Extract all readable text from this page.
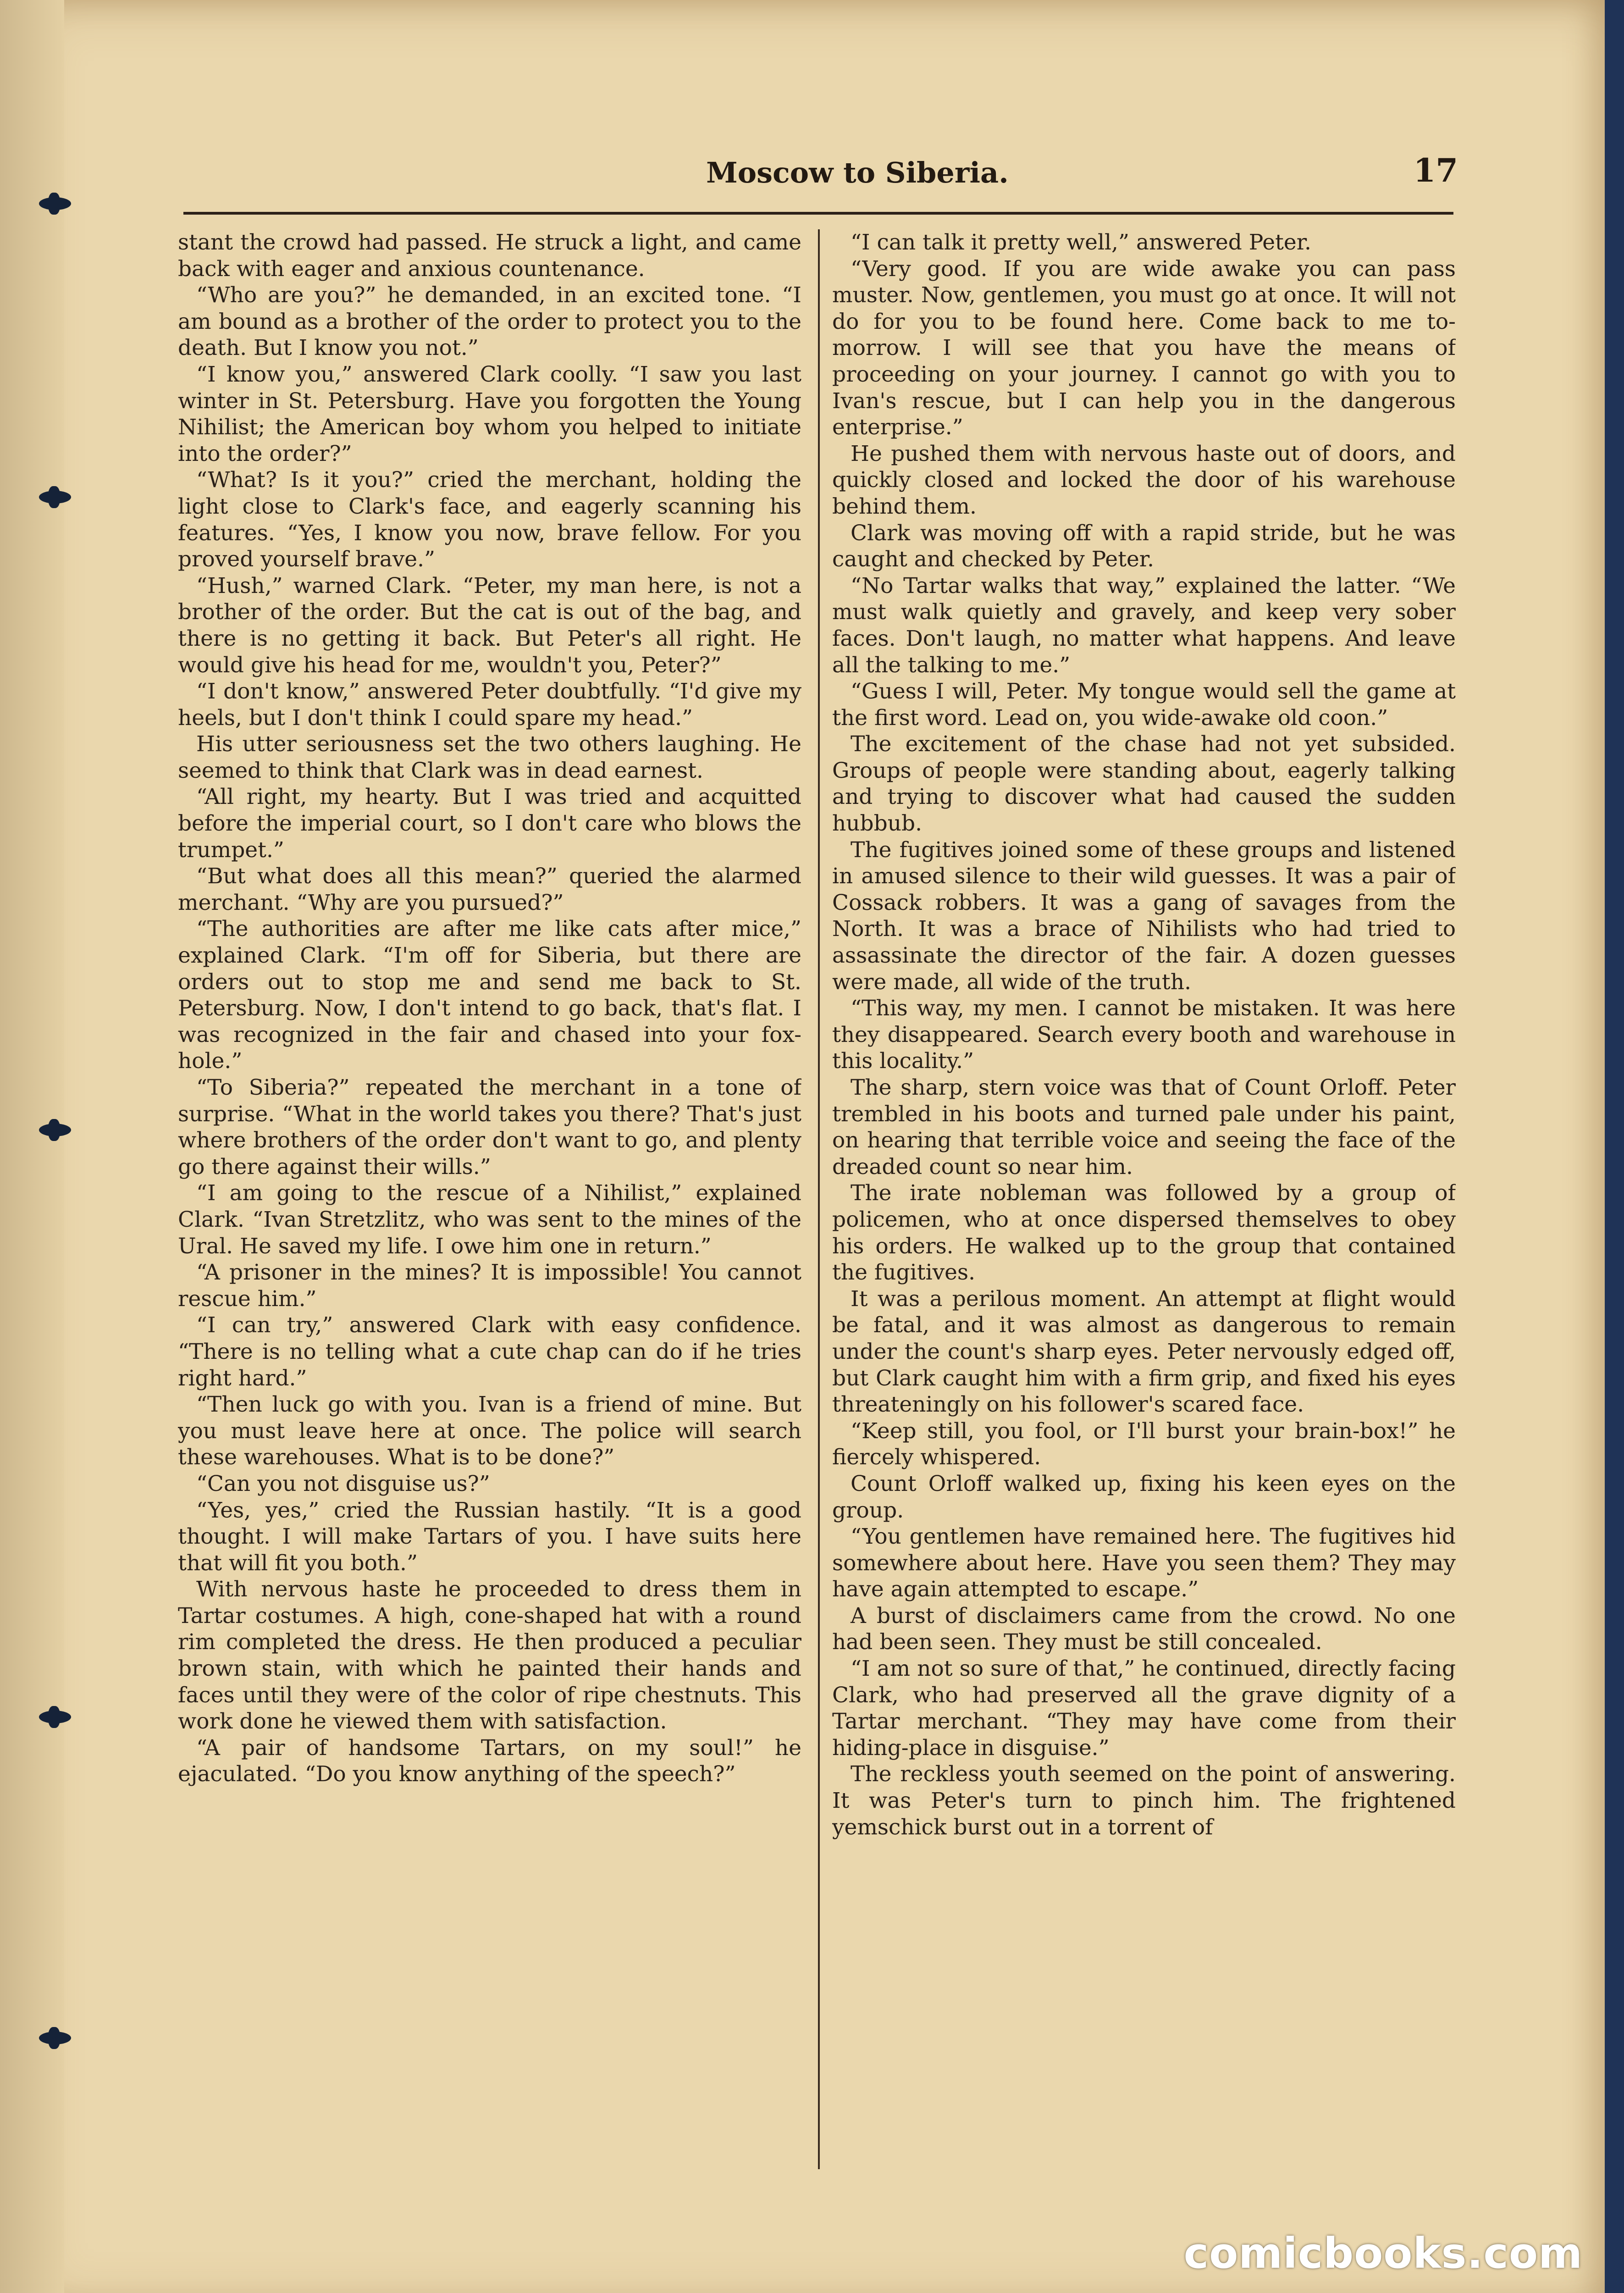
Moscow to Siberia.	17

stant the crowd had passed. He struck a light, and came back with eager and anxious countenance.

“Who are you?” he demanded, in an excited tone. “I am bound as a brother of the order to protect you to the death. But I know you not.”

“I know you,” answered Clark coolly. “I saw you last winter in St. Petersburg. Have you forgotten the Young Nihilist; the American boy whom you helped to initiate into the order?”

“What? Is it you?” cried the merchant, holding the light close to Clark's face, and eagerly scanning his features. “Yes, I know you now, brave fellow. For you proved yourself brave.”

“Hush,” warned Clark. “Peter, my man here, is not a brother of the order. But the cat is out of the bag, and there is no getting it back. But Peter's all right. He would give his head for me, wouldn't you, Peter?”

“I don't know,” answered Peter doubtfully. “I'd give my heels, but I don't think I could spare my head.”

His utter seriousness set the two others laughing. He seemed to think that Clark was in dead earnest.

“All right, my hearty. But I was tried and acquitted before the imperial court, so I don't care who blows the trumpet.”

“But what does all this mean?” queried the alarmed merchant. “Why are you pursued?”

“The authorities are after me like cats after mice,” explained Clark. “I'm off for Siberia, but there are orders out to stop me and send me back to St. Petersburg. Now, I don't intend to go back, that's flat. I was recognized in the fair and chased into your fox-hole.”

“To Siberia?” repeated the merchant in a tone of surprise. “What in the world takes you there? That's just where brothers of the order don't want to go, and plenty go there against their wills.”

“I am going to the rescue of a Nihilist,” explained Clark. “Ivan Stretzlitz, who was sent to the mines of the Ural. He saved my life. I owe him one in return.”

“A prisoner in the mines? It is impossible! You cannot rescue him.”

“I can try,” answered Clark with easy confidence. “There is no telling what a cute chap can do if he tries right hard.”

“Then luck go with you. Ivan is a friend of mine. But you must leave here at once. The police will search these warehouses. What is to be done?”

“Can you not disguise us?”

“Yes, yes,” cried the Russian hastily. “It is a good thought. I will make Tartars of you. I have suits here that will fit you both.”

With nervous haste he proceeded to dress them in Tartar costumes. A high, cone-shaped hat with a round rim completed the dress. He then produced a peculiar brown stain, with which he painted their hands and faces until they were of the color of ripe chestnuts. This work done he viewed them with satisfaction.

“A pair of handsome Tartars, on my soul!” he ejaculated. “Do you know anything of the speech?”

“I can talk it pretty well,” answered Peter.

“Very good. If you are wide awake you can pass muster. Now, gentlemen, you must go at once. It will not do for you to be found here. Come back to me to-morrow. I will see that you have the means of proceeding on your journey. I cannot go with you to Ivan's rescue, but I can help you in the dangerous enterprise.”

He pushed them with nervous haste out of doors, and quickly closed and locked the door of his warehouse behind them.

Clark was moving off with a rapid stride, but he was caught and checked by Peter.

“No Tartar walks that way,” explained the latter. “We must walk quietly and gravely, and keep very sober faces. Don't laugh, no matter what happens. And leave all the talking to me.”

“Guess I will, Peter. My tongue would sell the game at the first word. Lead on, you wide-awake old coon.”

The excitement of the chase had not yet subsided. Groups of people were standing about, eagerly talking and trying to discover what had caused the sudden hubbub.

The fugitives joined some of these groups and listened in amused silence to their wild guesses. It was a pair of Cossack robbers. It was a gang of savages from the North. It was a brace of Nihilists who had tried to assassinate the director of the fair. A dozen guesses were made, all wide of the truth.

“This way, my men. I cannot be mistaken. It was here they disappeared. Search every booth and warehouse in this locality.”

The sharp, stern voice was that of Count Orloff. Peter trembled in his boots and turned pale under his paint, on hearing that terrible voice and seeing the face of the dreaded count so near him.

The irate nobleman was followed by a group of policemen, who at once dispersed themselves to obey his orders. He walked up to the group that contained the fugitives.

It was a perilous moment. An attempt at flight would be fatal, and it was almost as dangerous to remain under the count's sharp eyes. Peter nervously edged off, but Clark caught him with a firm grip, and fixed his eyes threateningly on his follower's scared face.

“Keep still, you fool, or I'll burst your brain-box!” he fiercely whispered.

Count Orloff walked up, fixing his keen eyes on the group.

“You gentlemen have remained here. The fugitives hid somewhere about here. Have you seen them? They may have again attempted to escape.”

A burst of disclaimers came from the crowd. No one had been seen. They must be still concealed.

“I am not so sure of that,” he continued, directly facing Clark, who had preserved all the grave dignity of a Tartar merchant. “They may have come from their hiding-place in disguise.”

The reckless youth seemed on the point of answering. It was Peter's turn to pinch him. The frightened yemschick burst out in a torrent of

comicbooks.com
